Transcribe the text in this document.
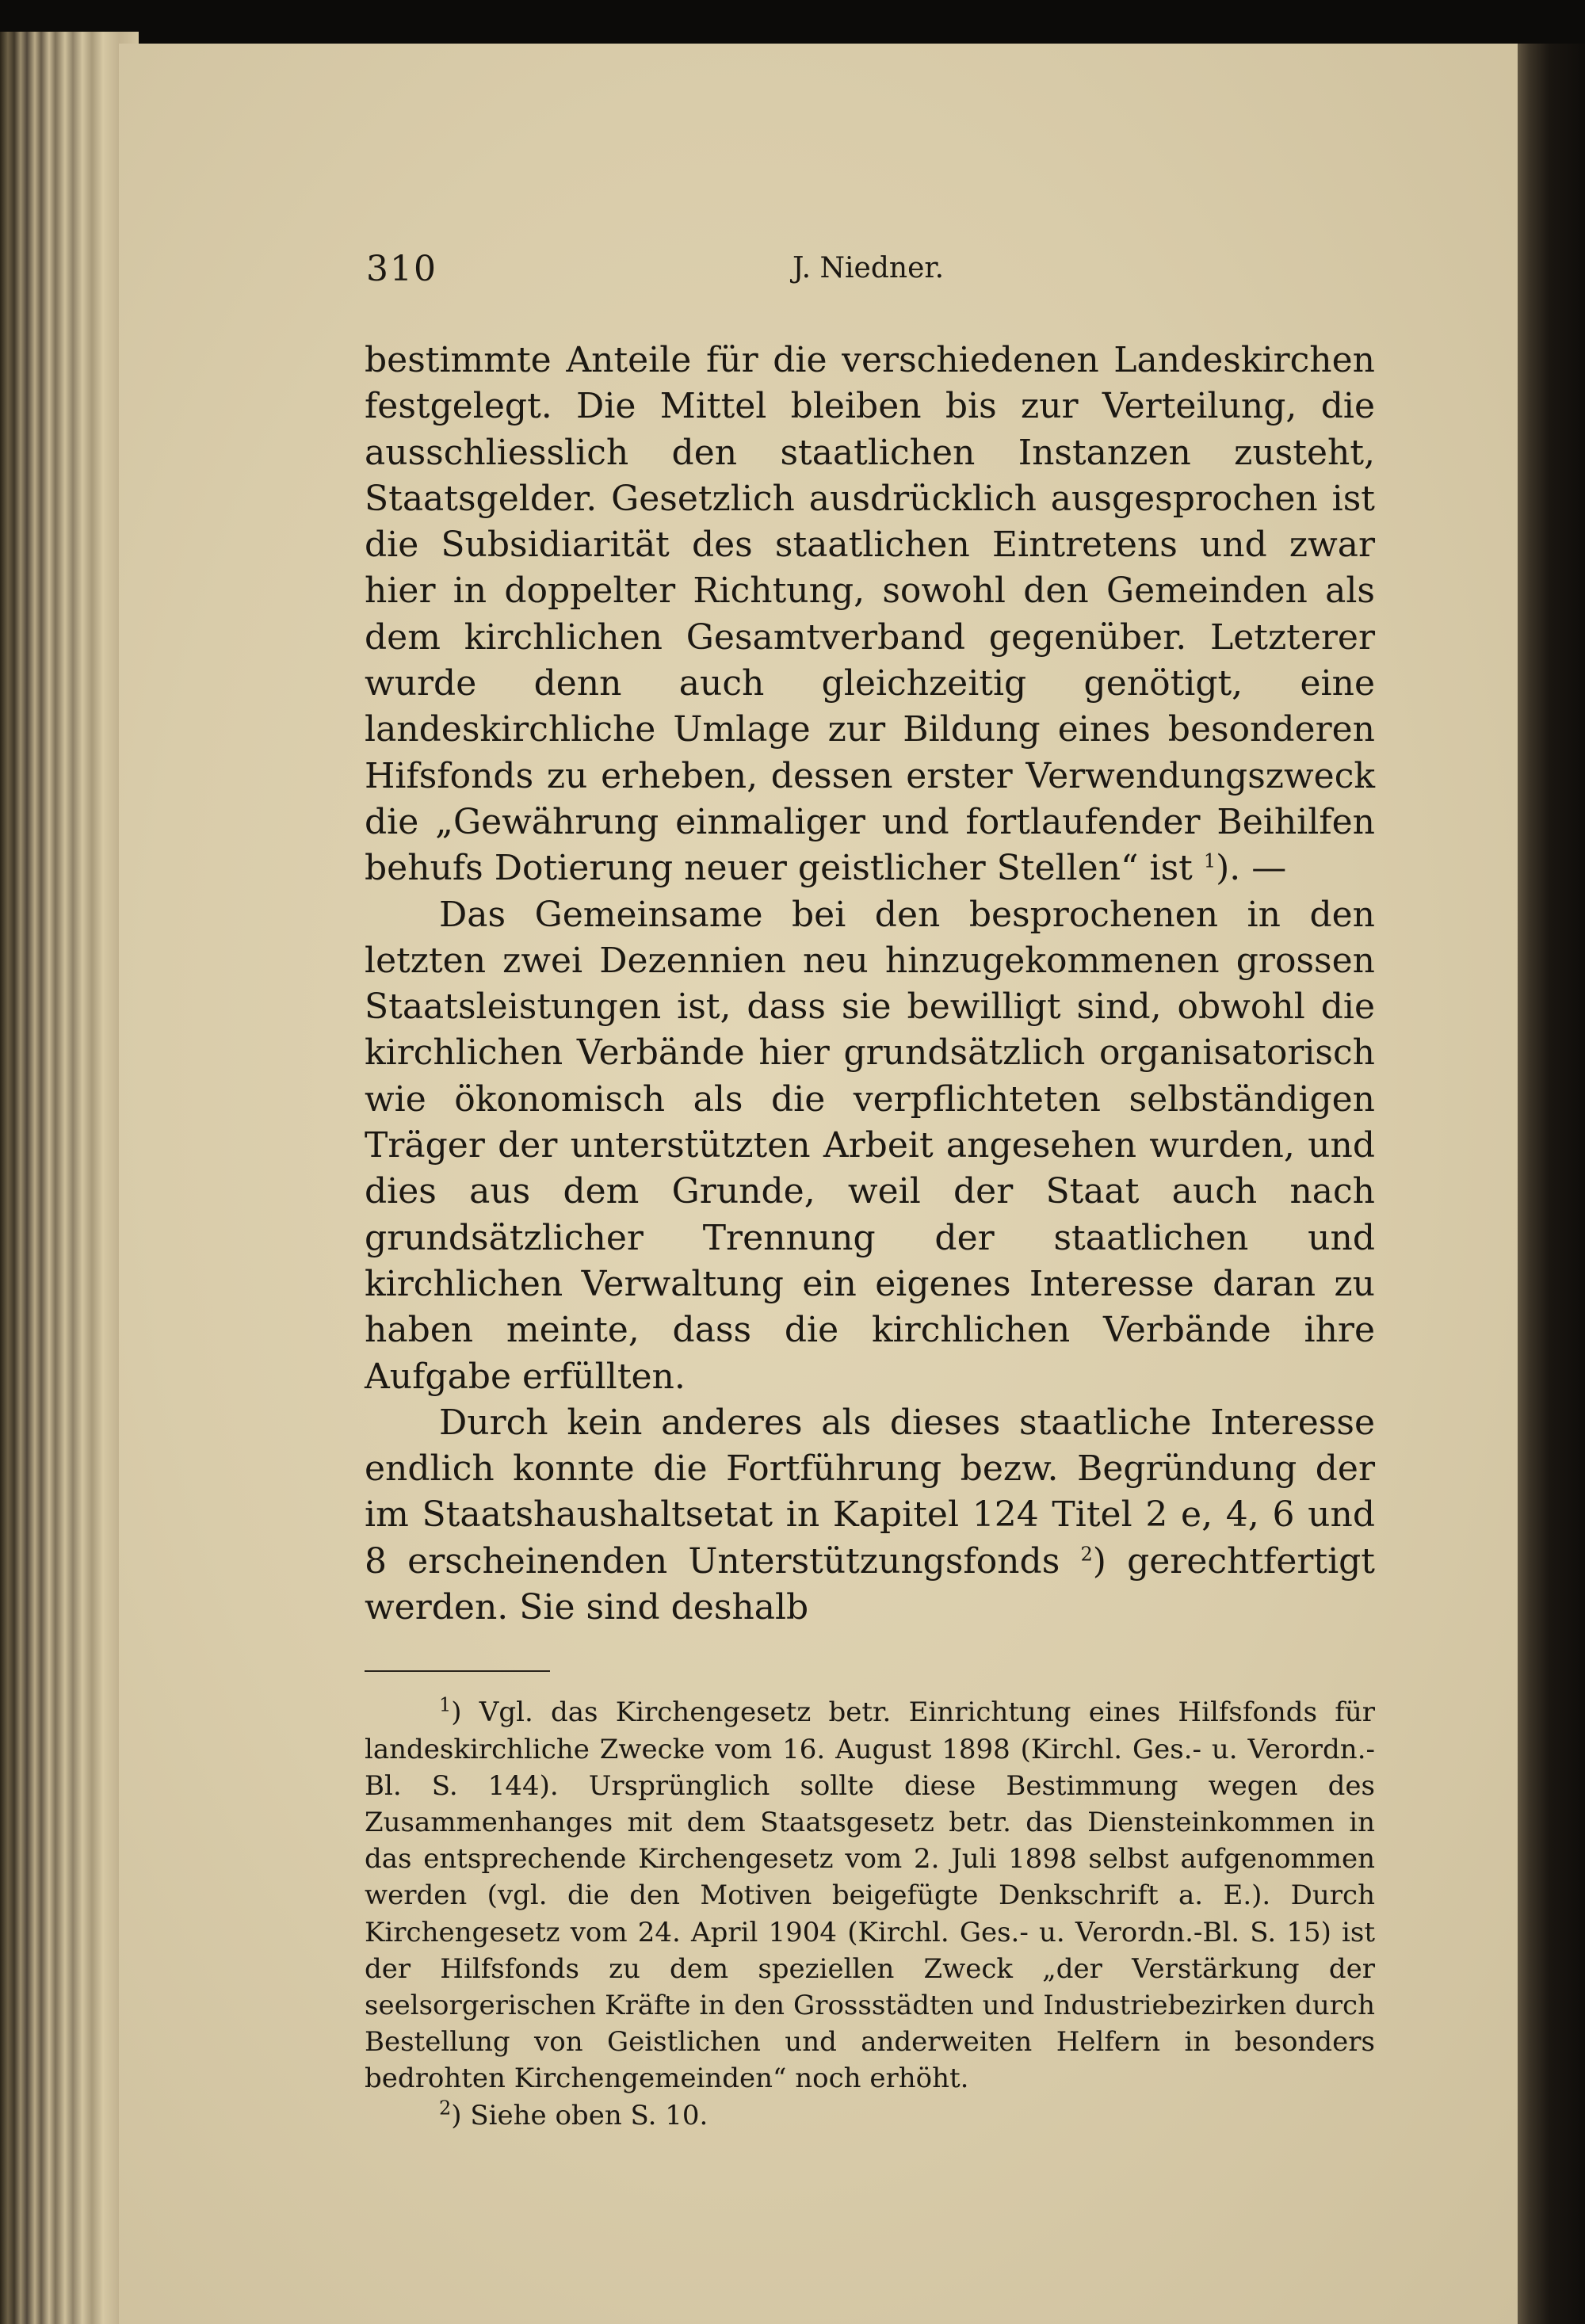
310	J. Niedner.

bestimmte Anteile für die verschiedenen Landeskirchen festgelegt. Die Mittel bleiben bis zur Verteilung, die ausschliesslich den staatlichen Instanzen zusteht, Staatsgelder. Gesetzlich ausdrücklich ausgesprochen ist die Subsidiarität des staatlichen Eintretens und zwar hier in doppelter Richtung, sowohl den Gemeinden als dem kirchlichen Gesamtverband gegenüber. Letzterer wurde denn auch gleichzeitig genötigt, eine landeskirchliche Umlage zur Bildung eines besonderen Hifsfonds zu erheben, dessen erster Verwendungszweck die „Gewährung einmaliger und fortlaufender Beihilfen behufs Dotierung neuer geistlicher Stellen“ ist $^1$). —

Das Gemeinsame bei den besprochenen in den letzten zwei Dezennien neu hinzugekommenen grossen Staatsleistungen ist, dass sie bewilligt sind, obwohl die kirchlichen Verbände hier grundsätzlich organisatorisch wie ökonomisch als die verpflichteten selbständigen Träger der unterstützten Arbeit angesehen wurden, und dies aus dem Grunde, weil der Staat auch nach grundsätzlicher Trennung der staatlichen und kirchlichen Verwaltung ein eigenes Interesse daran zu haben meinte, dass die kirchlichen Verbände ihre Aufgabe erfüllten.

Durch kein anderes als dieses staatliche Interesse endlich konnte die Fortführung bezw. Begründung der im Staatshaushaltsetat in Kapitel 124 Titel 2 e, 4, 6 und 8 erscheinenden Unterstützungsfonds $^2$) gerechtfertigt werden. Sie sind deshalb

$^1$) Vgl. das Kirchengesetz betr. Einrichtung eines Hilfsfonds für landeskirchliche Zwecke vom 16. August 1898 (Kirchl. Ges.- u. Verordn.-Bl. S. 144). Ursprünglich sollte diese Bestimmung wegen des Zusammenhanges mit dem Staatsgesetz betr. das Diensteinkommen in das entsprechende Kirchengesetz vom 2. Juli 1898 selbst aufgenommen werden (vgl. die den Motiven beigefügte Denkschrift a. E.). Durch Kirchengesetz vom 24. April 1904 (Kirchl. Ges.- u. Verordn.-Bl. S. 15) ist der Hilfsfonds zu dem speziellen Zweck „der Verstärkung der seelsorgerischen Kräfte in den Grossstädten und Industriebezirken durch Bestellung von Geistlichen und anderweiten Helfern in besonders bedrohten Kirchengemeinden“ noch erhöht.

$^2$) Siehe oben S. 10.
